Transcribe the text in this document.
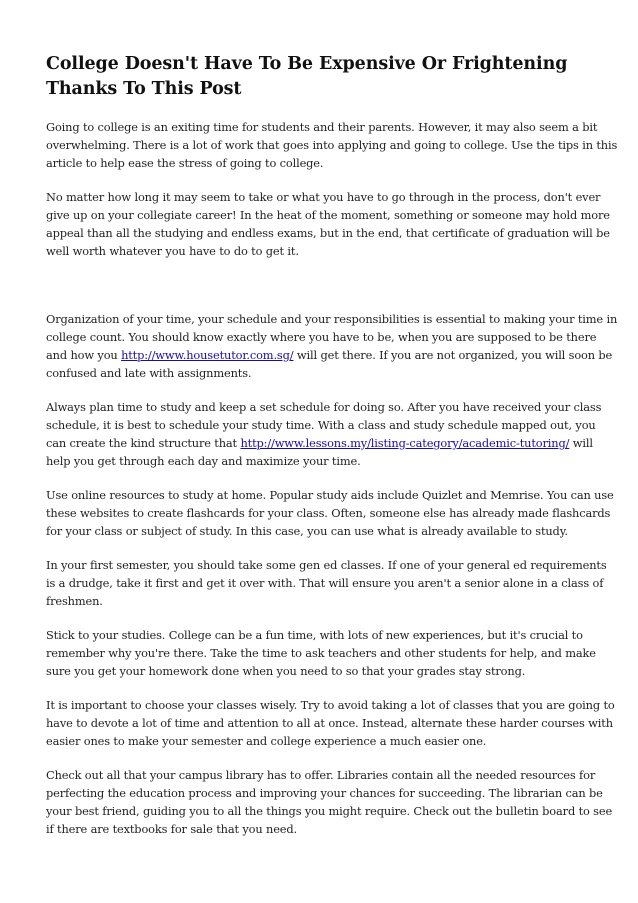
College Doesn't Have To Be Expensive Or Frightening
Thanks To This Post

Going to college is an exiting time for students and their parents. However, it may also seem a bit
overwhelming. There is a lot of work that goes into applying and going to college. Use the tips in this
article to help ease the stress of going to college.

No matter how long it may seem to take or what you have to go through in the process, don't ever
give up on your collegiate career! In the heat of the moment, something or someone may hold more
appeal than all the studying and endless exams, but in the end, that certificate of graduation will be
well worth whatever you have to do to get it.

Organization of your time, your schedule and your responsibilities is essential to making your time in
college count. You should know exactly where you have to be, when you are supposed to be there
and how you http://www.housetutor.com.sg/ will get there. If you are not organized, you will soon be
confused and late with assignments.

Always plan time to study and keep a set schedule for doing so. After you have received your class
schedule, it is best to schedule your study time. With a class and study schedule mapped out, you
can create the kind structure that http://www.lessons.my/listing-category/academic-tutoring/ will
help you get through each day and maximize your time.

Use online resources to study at home. Popular study aids include Quizlet and Memrise. You can use
these websites to create flashcards for your class. Often, someone else has already made flashcards
for your class or subject of study. In this case, you can use what is already available to study.

In your first semester, you should take some gen ed classes. If one of your general ed requirements
is a drudge, take it first and get it over with. That will ensure you aren't a senior alone in a class of
freshmen.

Stick to your studies. College can be a fun time, with lots of new experiences, but it's crucial to
remember why you're there. Take the time to ask teachers and other students for help, and make
sure you get your homework done when you need to so that your grades stay strong.

It is important to choose your classes wisely. Try to avoid taking a lot of classes that you are going to
have to devote a lot of time and attention to all at once. Instead, alternate these harder courses with
easier ones to make your semester and college experience a much easier one.

Check out all that your campus library has to offer. Libraries contain all the needed resources for
perfecting the education process and improving your chances for succeeding. The librarian can be
your best friend, guiding you to all the things you might require. Check out the bulletin board to see
if there are textbooks for sale that you need.
